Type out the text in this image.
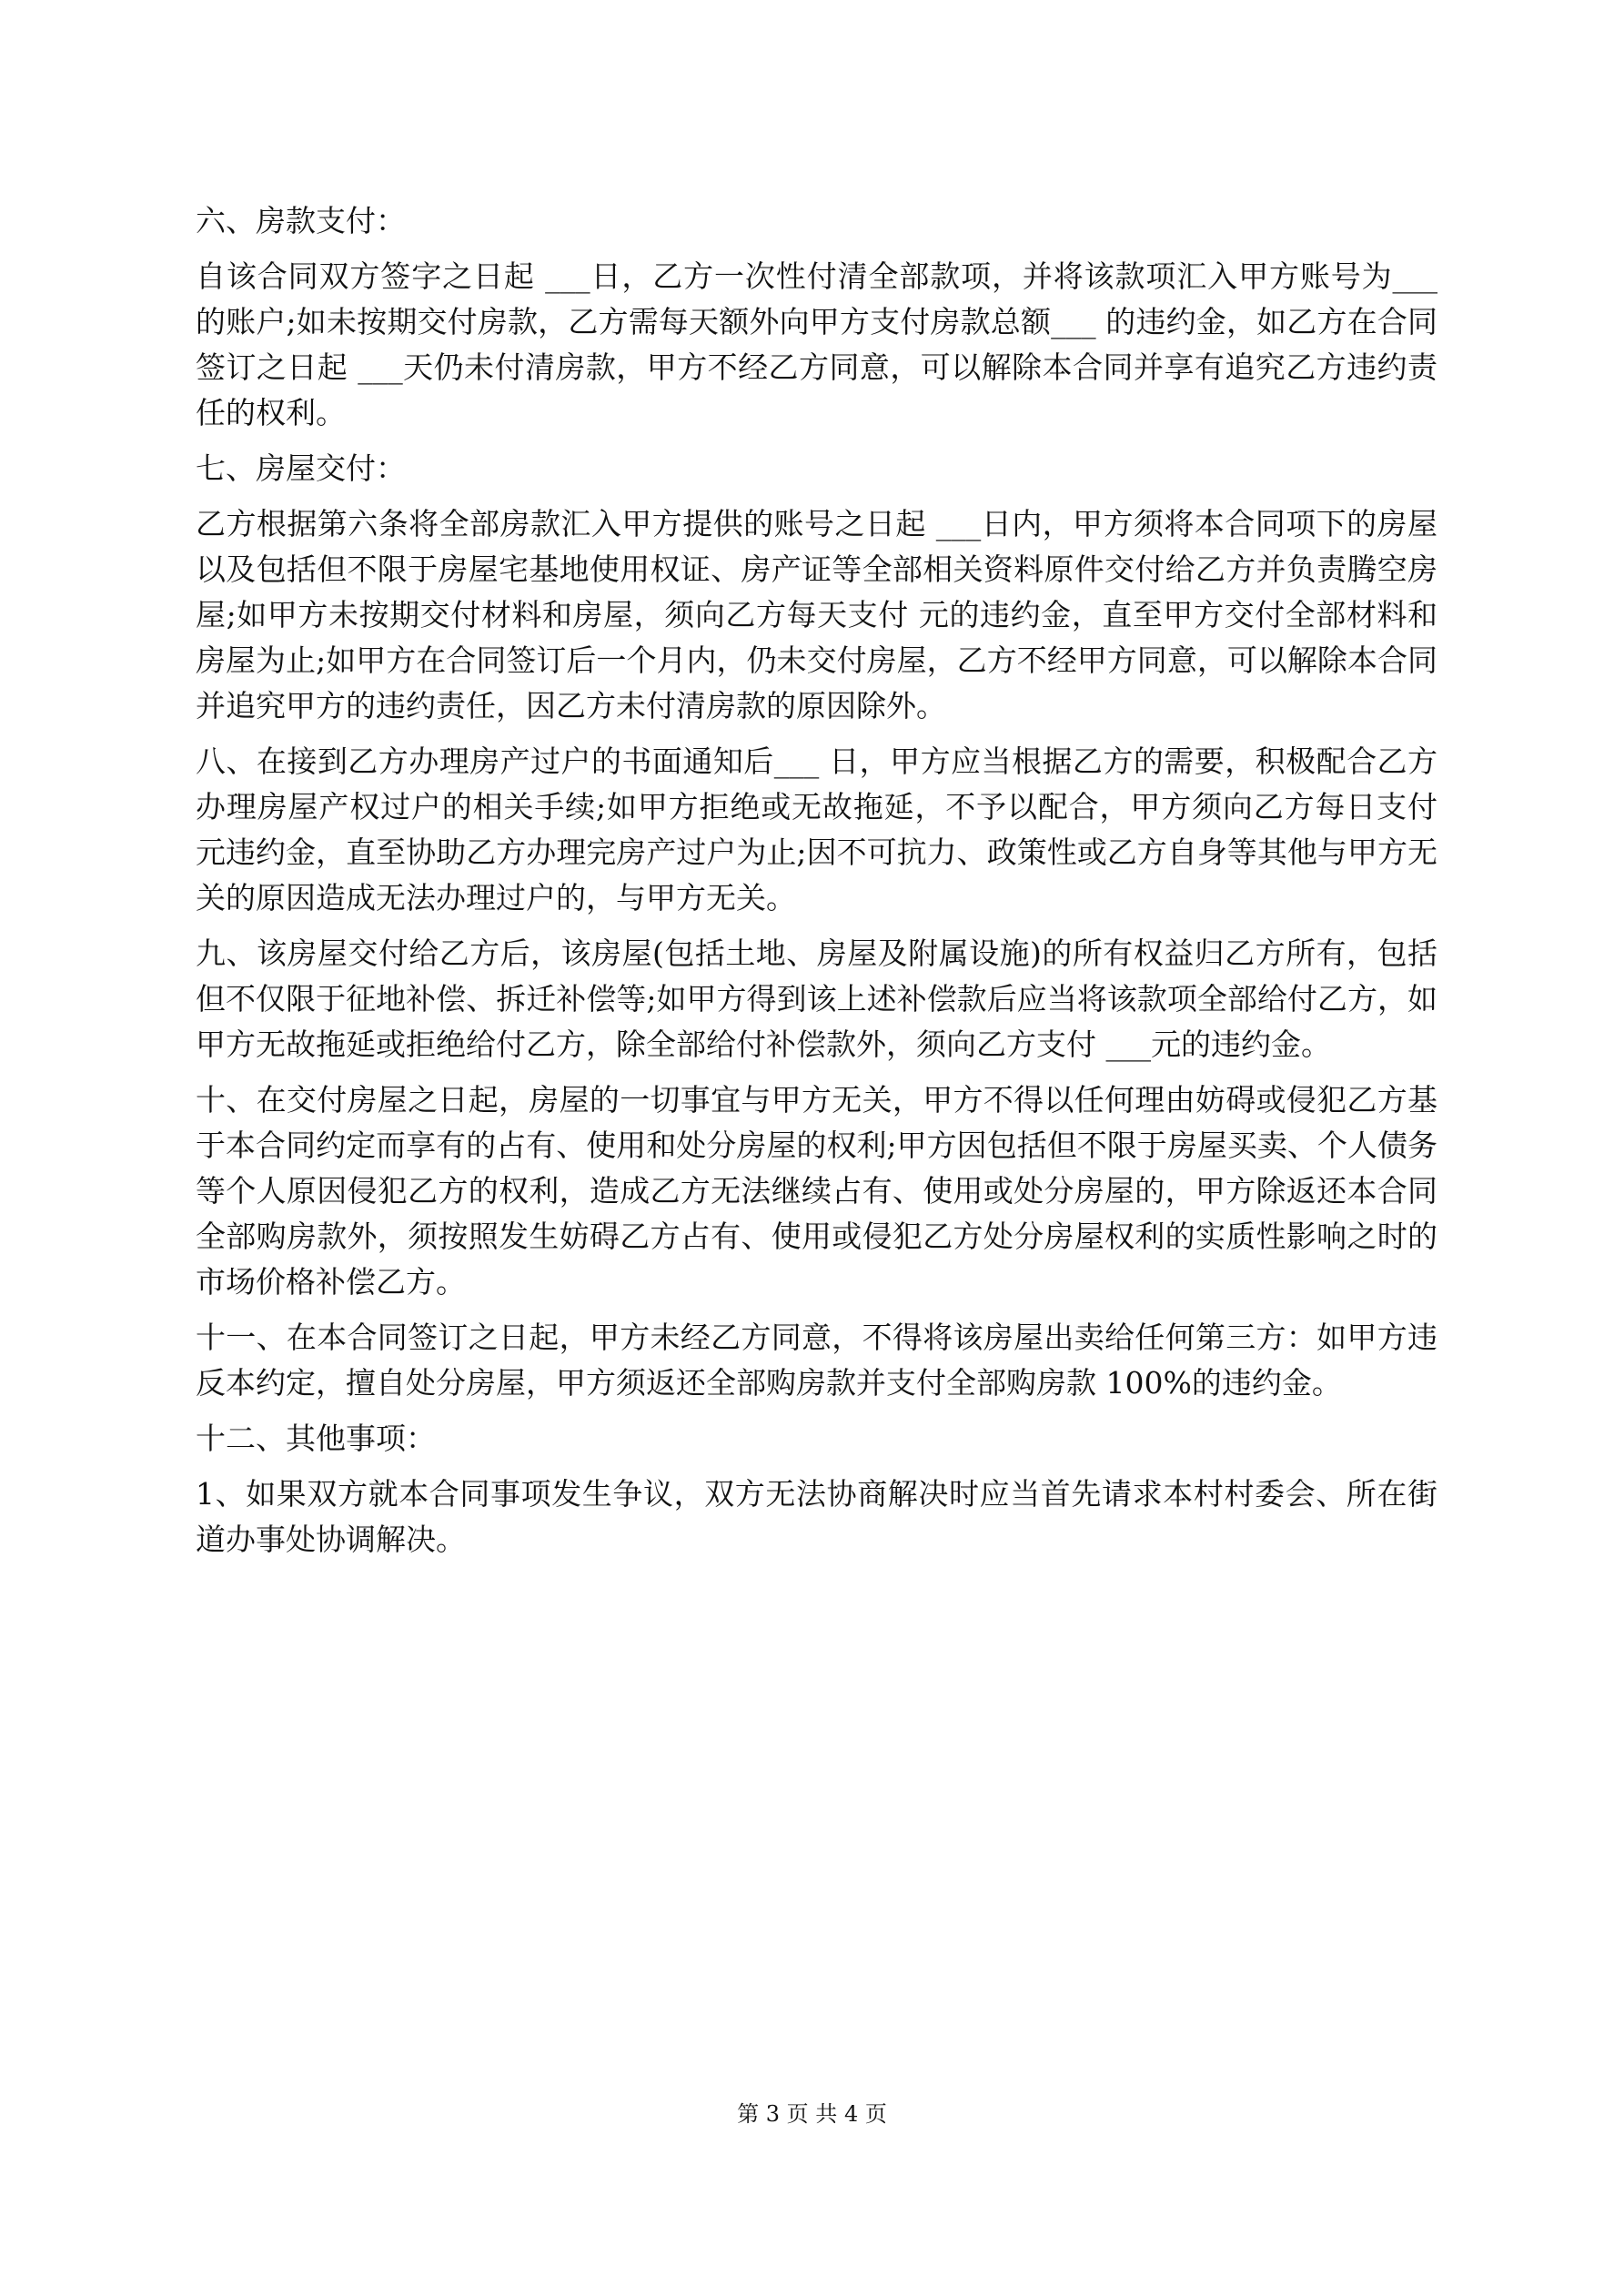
六、房款支付：

自该合同双方签字之日起 ___日，乙方一次性付清全部款项，并将该款项汇入甲方账号为___ 的账户;如未按期交付房款，乙方需每天额外向甲方支付房款总额___ 的违约金，如乙方在合同签订之日起 ___天仍未付清房款，甲方不经乙方同意，可以解除本合同并享有追究乙方违约责任的权利。

七、房屋交付：

乙方根据第六条将全部房款汇入甲方提供的账号之日起 ___日内，甲方须将本合同项下的房屋以及包括但不限于房屋宅基地使用权证、房产证等全部相关资料原件交付给乙方并负责腾空房屋;如甲方未按期交付材料和房屋，须向乙方每天支付 元的违约金，直至甲方交付全部材料和房屋为止;如甲方在合同签订后一个月内，仍未交付房屋，乙方不经甲方同意，可以解除本合同并追究甲方的违约责任，因乙方未付清房款的原因除外。

八、在接到乙方办理房产过户的书面通知后___ 日，甲方应当根据乙方的需要，积极配合乙方办理房屋产权过户的相关手续;如甲方拒绝或无故拖延，不予以配合，甲方须向乙方每日支付 元违约金，直至协助乙方办理完房产过户为止;因不可抗力、政策性或乙方自身等其他与甲方无关的原因造成无法办理过户的，与甲方无关。

九、该房屋交付给乙方后，该房屋(包括土地、房屋及附属设施)的所有权益归乙方所有，包括但不仅限于征地补偿、拆迁补偿等;如甲方得到该上述补偿款后应当将该款项全部给付乙方，如甲方无故拖延或拒绝给付乙方，除全部给付补偿款外，须向乙方支付 ___元的违约金。

十、在交付房屋之日起，房屋的一切事宜与甲方无关，甲方不得以任何理由妨碍或侵犯乙方基于本合同约定而享有的占有、使用和处分房屋的权利;甲方因包括但不限于房屋买卖、个人债务等个人原因侵犯乙方的权利，造成乙方无法继续占有、使用或处分房屋的，甲方除返还本合同全部购房款外，须按照发生妨碍乙方占有、使用或侵犯乙方处分房屋权利的实质性影响之时的市场价格补偿乙方。

十一、在本合同签订之日起，甲方未经乙方同意，不得将该房屋出卖给任何第三方：如甲方违反本约定，擅自处分房屋，甲方须返还全部购房款并支付全部购房款 100%的违约金。

十二、其他事项：

1、如果双方就本合同事项发生争议，双方无法协商解决时应当首先请求本村村委会、所在街道办事处协调解决。

第 3 页 共 4 页
